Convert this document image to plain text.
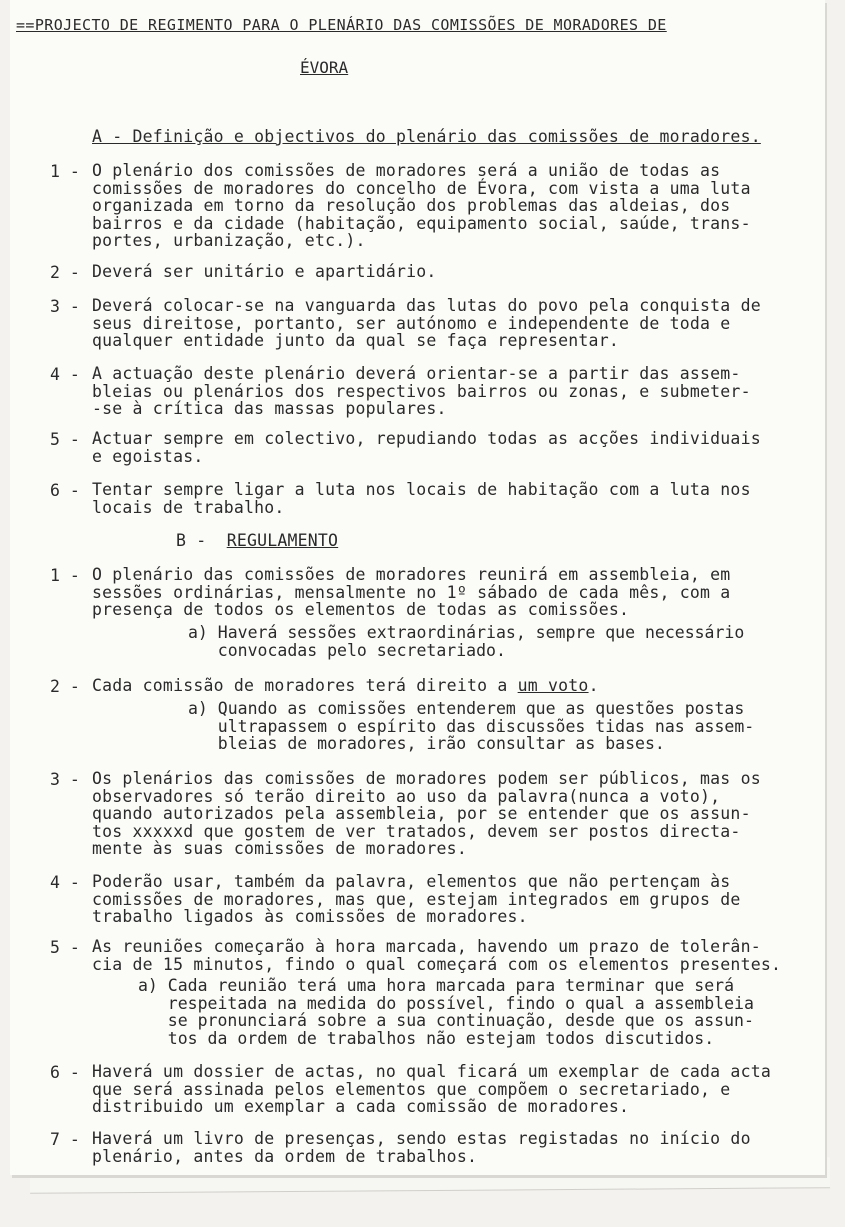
==PROJECTO DE REGIMENTO PARA O PLENÁRIO DAS COMISSÕES DE MORADORES DE
ÉVORA
A - Definição e objectivos do plenário das comissões de moradores.
1 - O plenário dos comissões de moradores será a união de todas as
comissões de moradores do concelho de Évora, com vista a uma luta
organizada em torno da resolução dos problemas das aldeias, dos
bairros e da cidade (habitação, equipamento social, saúde, trans-
portes, urbanização, etc.).
2 - Deverá ser unitário e apartidário.
3 - Deverá colocar-se na vanguarda das lutas do povo pela conquista de
seus direitose, portanto, ser autónomo e independente de toda e
qualquer entidade junto da qual se faça representar.
4 - A actuação deste plenário deverá orientar-se a partir das assem-
bleias ou plenários dos respectivos bairros ou zonas, e submeter-
-se à crítica das massas populares.
5 - Actuar sempre em colectivo, repudiando todas as acções individuais
e egoistas.
6 - Tentar sempre ligar a luta nos locais de habitação com a luta nos
locais de trabalho.
B - REGULAMENTO
1 - O plenário das comissões de moradores reunirá em assembleia, em
sessões ordinárias, mensalmente no 1º sábado de cada mês, com a
presença de todos os elementos de todas as comissões.
a) Haverá sessões extraordinárias, sempre que necessário
convocadas pelo secretariado.
2 - Cada comissão de moradores terá direito a um voto.
a) Quando as comissões entenderem que as questões postas
ultrapassem o espírito das discussões tidas nas assem-
bleias de moradores, irão consultar as bases.
3 - Os plenários das comissões de moradores podem ser públicos, mas os
observadores só terão direito ao uso da palavra(nunca a voto),
quando autorizados pela assembleia, por se entender que os assun-
tos xxxxxd que gostem de ver tratados, devem ser postos directa-
mente às suas comissões de moradores.
4 - Poderão usar, também da palavra, elementos que não pertençam às
comissões de moradores, mas que, estejam integrados em grupos de
trabalho ligados às comissões de moradores.
5 - As reuniões começarão à hora marcada, havendo um prazo de tolerân-
cia de 15 minutos, findo o qual começará com os elementos presentes.
a) Cada reunião terá uma hora marcada para terminar que será
respeitada na medida do possível, findo o qual a assembleia
se pronunciará sobre a sua continuação, desde que os assun-
tos da ordem de trabalhos não estejam todos discutidos.
6 - Haverá um dossier de actas, no qual ficará um exemplar de cada acta
que será assinada pelos elementos que compõem o secretariado, e
distribuido um exemplar a cada comissão de moradores.
7 - Haverá um livro de presenças, sendo estas registadas no início do
plenário, antes da ordem de trabalhos.
